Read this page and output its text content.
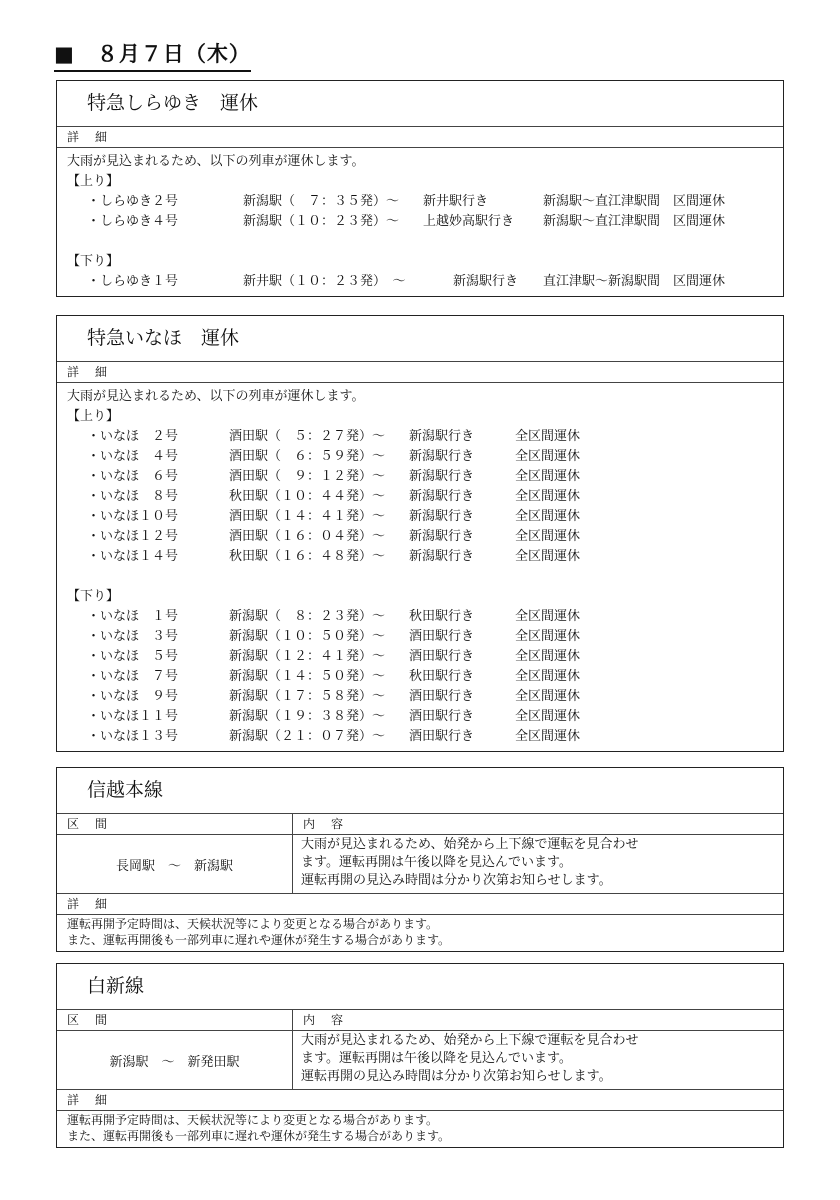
■　８月７日（木）
特急しらゆき　運休
詳　細
大雨が見込まれるため、以下の列車が運休します。
【上り】
・しらゆき２号	新潟駅（　７：３５発）〜 新井駅行き	新潟駅〜直江津駅間　区間運休
・しらゆき４号	新潟駅（１０：２３発）〜 上越妙高駅行き 新潟駅〜直江津駅間　区間運休
【下り】
・しらゆき１号	新井駅（１０：２３発）　〜	新潟駅行き 直江津駅〜新潟駅間　区間運休
特急いなほ　運休
詳　細
大雨が見込まれるため、以下の列車が運休します。
【上り】
・いなほ　２号	酒田駅（　５：２７発）〜 新潟駅行き	全区間運休
・いなほ　４号	酒田駅（　６：５９発）〜 新潟駅行き	全区間運休
・いなほ　６号	酒田駅（　９：１２発）〜 新潟駅行き	全区間運休
・いなほ　８号	秋田駅（１０：４４発）〜 新潟駅行き	全区間運休
・いなほ１０号	酒田駅（１４：４１発）〜 新潟駅行き	全区間運休
・いなほ１２号	酒田駅（１６：０４発）〜 新潟駅行き	全区間運休
・いなほ１４号	秋田駅（１６：４８発）〜 新潟駅行き	全区間運休
【下り】
・いなほ　１号	新潟駅（　８：２３発）〜 秋田駅行き	全区間運休
・いなほ　３号	新潟駅（１０：５０発）〜 酒田駅行き	全区間運休
・いなほ　５号	新潟駅（１２：４１発）〜 酒田駅行き	全区間運休
・いなほ　７号	新潟駅（１４：５０発）〜 秋田駅行き	全区間運休
・いなほ　９号	新潟駅（１７：５８発）〜 酒田駅行き	全区間運休
・いなほ１１号	新潟駅（１９：３８発）〜 酒田駅行き	全区間運休
・いなほ１３号	新潟駅（２１：０７発）〜 酒田駅行き	全区間運休
信越本線
区　間
長岡駅　〜　新潟駅
内　容
大雨が見込まれるため、始発から上下線で運転を見合わせ
ます。運転再開は午後以降を見込んでいます。
運転再開の見込み時間は分かり次第お知らせします。
詳　細
運転再開予定時間は、天候状況等により変更となる場合があります。
また、運転再開後も一部列車に遅れや運休が発生する場合があります。
白新線
区　間
新潟駅　〜　新発田駅
内　容
大雨が見込まれるため、始発から上下線で運転を見合わせ
ます。運転再開は午後以降を見込んでいます。
運転再開の見込み時間は分かり次第お知らせします。
詳　細
運転再開予定時間は、天候状況等により変更となる場合があります。
また、運転再開後も一部列車に遅れや運休が発生する場合があります。
